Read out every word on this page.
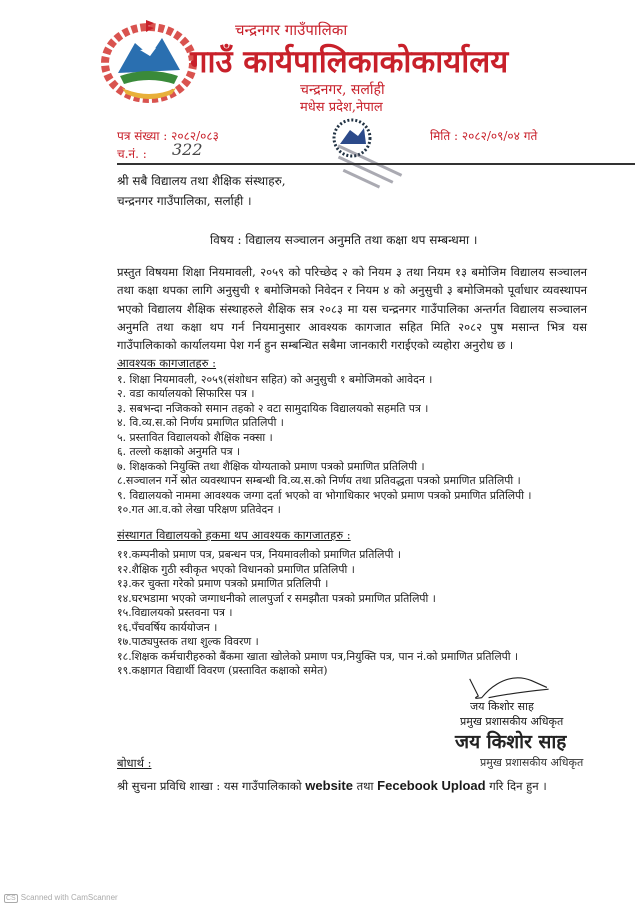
चन्द्रनगर गाउँपालिका
गाउँ कार्यपालिकाकोकार्यालय
चन्द्रनगर, सर्लाही
मधेस प्रदेश,नेपाल
पत्र संख्या : २०८२/०८३
च.नं. : 322
मिति : २०८२/०९/०४ गते
श्री सबै विद्यालय तथा शैक्षिक संस्थाहरु,
चन्द्रनगर गाउँपालिका, सर्लाही ।
विषय : विद्यालय सञ्चालन अनुमति तथा कक्षा थप सम्बन्धमा ।
प्रस्तुत विषयमा शिक्षा नियमावली, २०५९ को परिच्छेद २ को नियम ३ तथा नियम १३ बमोजिम विद्यालय सञ्चालन तथा कक्षा थपका लागि अनुसुची १ बमोजिमको निवेदन र नियम ४ को अनुसुची ३ बमोजिमको पूर्वाधार व्यवस्थापन भएको विद्यालय शैक्षिक संस्थाहरुले शैक्षिक सत्र २०८३ मा यस चन्द्रनगर गाउँपालिका अन्तर्गत विद्यालय सञ्चालन अनुमति तथा कक्षा थप गर्न नियमानुसार आवश्यक कागजात सहित मिति २०८२ पुष मसान्त भित्र यस गाउँपालिकाको कार्यालयमा पेश गर्न हुन सम्बन्धित सबैमा जानकारी गराईएको व्यहोरा अनुरोध छ ।
आवश्यक कागजातहरु :
१. शिक्षा नियमावली, २०५९(संशोधन सहित) को अनुसुची १ बमोजिमको आवेदन ।
२. वडा कार्यालयको सिफारिस पत्र ।
३. सबभन्दा नजिकको समान तहको २ वटा सामुदायिक विद्यालयको सहमति पत्र ।
४. वि.व्य.स.को निर्णय प्रमाणित प्रतिलिपी ।
५. प्रस्तावित विद्यालयको शैक्षिक नक्सा ।
६. तल्लो कक्षाको अनुमति पत्र ।
७. शिक्षकको नियुक्ति तथा शैक्षिक योग्यताको प्रमाण पत्रको प्रमाणित प्रतिलिपी ।
८.सञ्चालन गर्ने स्रोत व्यवस्थापन सम्बन्धी वि.व्य.स.को निर्णय तथा प्रतिवद्धता पत्रको प्रमाणित प्रतिलिपी ।
९. विद्यालयको नाममा आवश्यक जग्गा दर्ता भएको वा भोगाधिकार भएको प्रमाण पत्रको प्रमाणित प्रतिलिपी ।
१०.गत आ.व.को लेखा परिक्षण प्रतिवेदन ।
संस्थागत विद्यालयको हकमा थप आवश्यक कागजातहरु :
११.कम्पनीको प्रमाण पत्र, प्रबन्धन पत्र, नियमावलीको प्रमाणित प्रतिलिपी ।
१२.शैक्षिक गुठी स्वीकृत भएको विधानको प्रमाणित प्रतिलिपी ।
१३.कर चुक्ता गरेको प्रमाण पत्रको प्रमाणित प्रतिलिपी ।
१४.घरभडामा भएको जग्गाधनीको लालपुर्जा र समझौता पत्रको प्रमाणित प्रतिलिपी ।
१५.विद्यालयको प्रस्तवना पत्र ।
१६.पँचवर्षिय कार्ययोजन ।
१७.पाठ्यपुस्तक तथा शुल्क विवरण ।
१८.शिक्षक कर्मचारीहरुको बैंकमा खाता खोलेको प्रमाण पत्र,नियुक्ति पत्र, पान नं.को प्रमाणित प्रतिलिपी ।
१९.कक्षागत विद्यार्थी विवरण (प्रस्तावित कक्षाको समेत)
जय किशोर साह
प्रमुख प्रशासकीय अधिकृत
जय किशोर साह
प्रमुख प्रशासकीय अधिकृत
बोधार्थ :
श्री सुचना प्रविधि शाखा : यस गाउँपालिकाको website तथा Fecebook Upload गरि दिन हुन ।
CS Scanned with CamScanner
